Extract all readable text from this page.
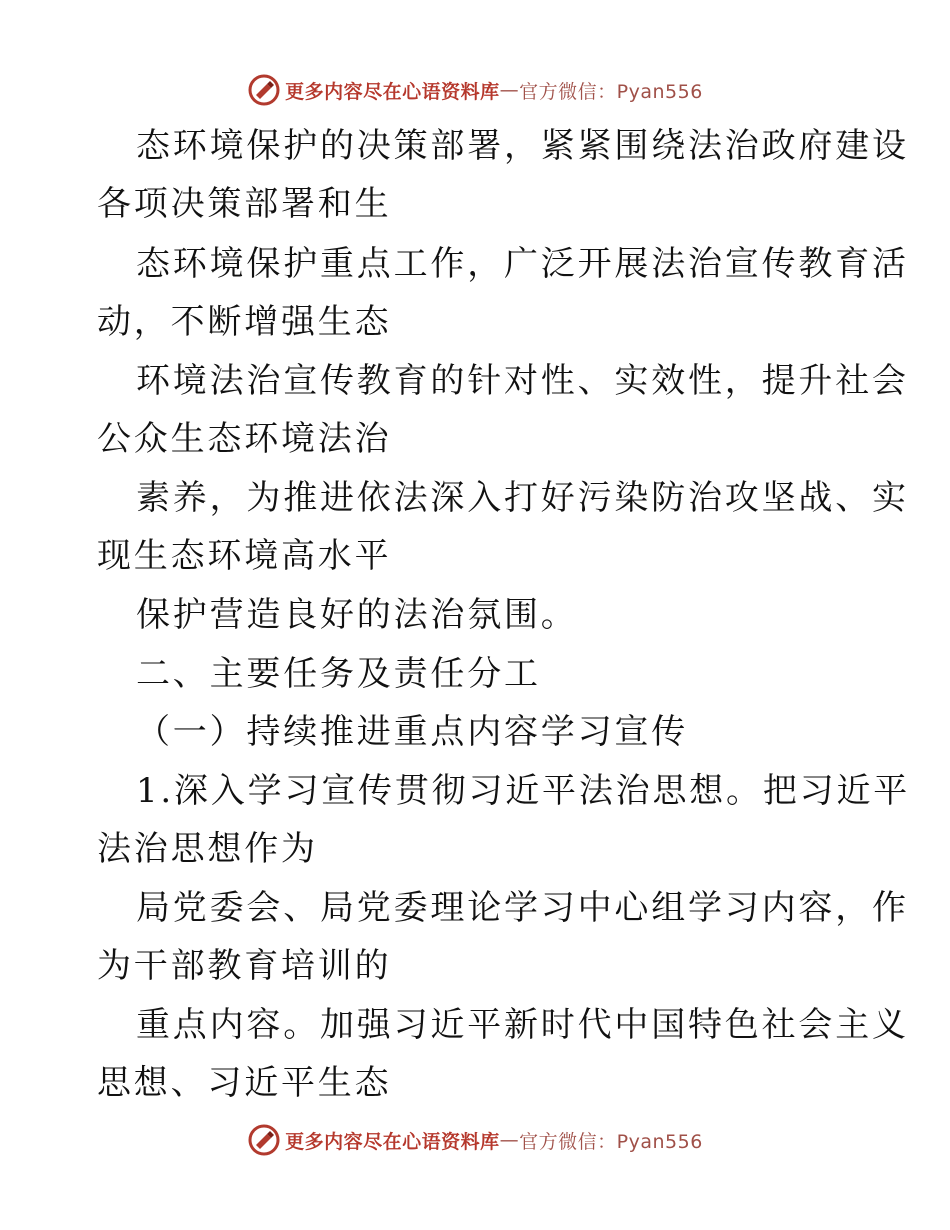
更多内容尽在心语资料库 — 官方微信：Pyan556
态环境保护的决策部署，紧紧围绕法治政府建设
各项决策部署和生
态环境保护重点工作，广泛开展法治宣传教育活
动，不断增强生态
环境法治宣传教育的针对性、实效性，提升社会
公众生态环境法治
素养，为推进依法深入打好污染防治攻坚战、实
现生态环境高水平
保护营造良好的法治氛围。
二、主要任务及责任分工
（一）持续推进重点内容学习宣传
1.深入学习宣传贯彻习近平法治思想。把习近平
法治思想作为
局党委会、局党委理论学习中心组学习内容，作
为干部教育培训的
重点内容。加强习近平新时代中国特色社会主义
思想、习近平生态
更多内容尽在心语资料库 — 官方微信：Pyan556
